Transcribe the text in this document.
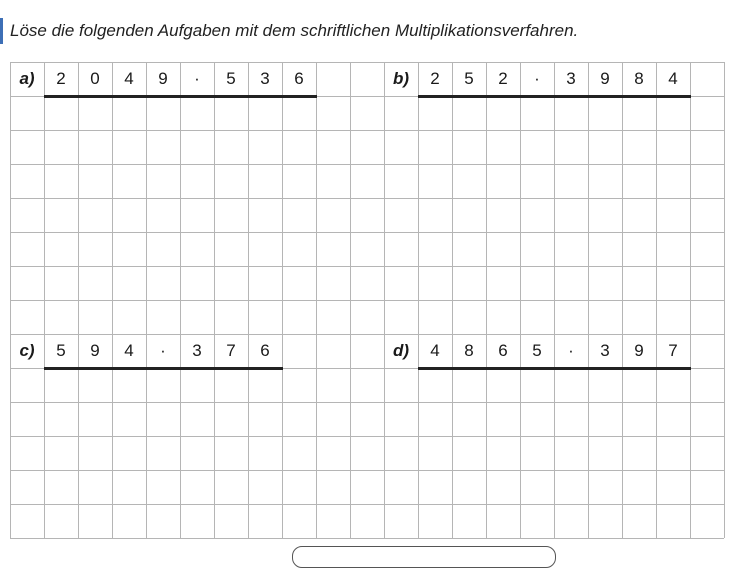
Löse die folgenden Aufgaben mit dem schriftlichen Multiplikationsverfahren.
a)	2	0	4	9	·	5	3	6	b)	2	5	2	·	3	9	8	4
c)	5	9	4	·	3	7	6	d)	4	8	6	5	·	3	9	7
